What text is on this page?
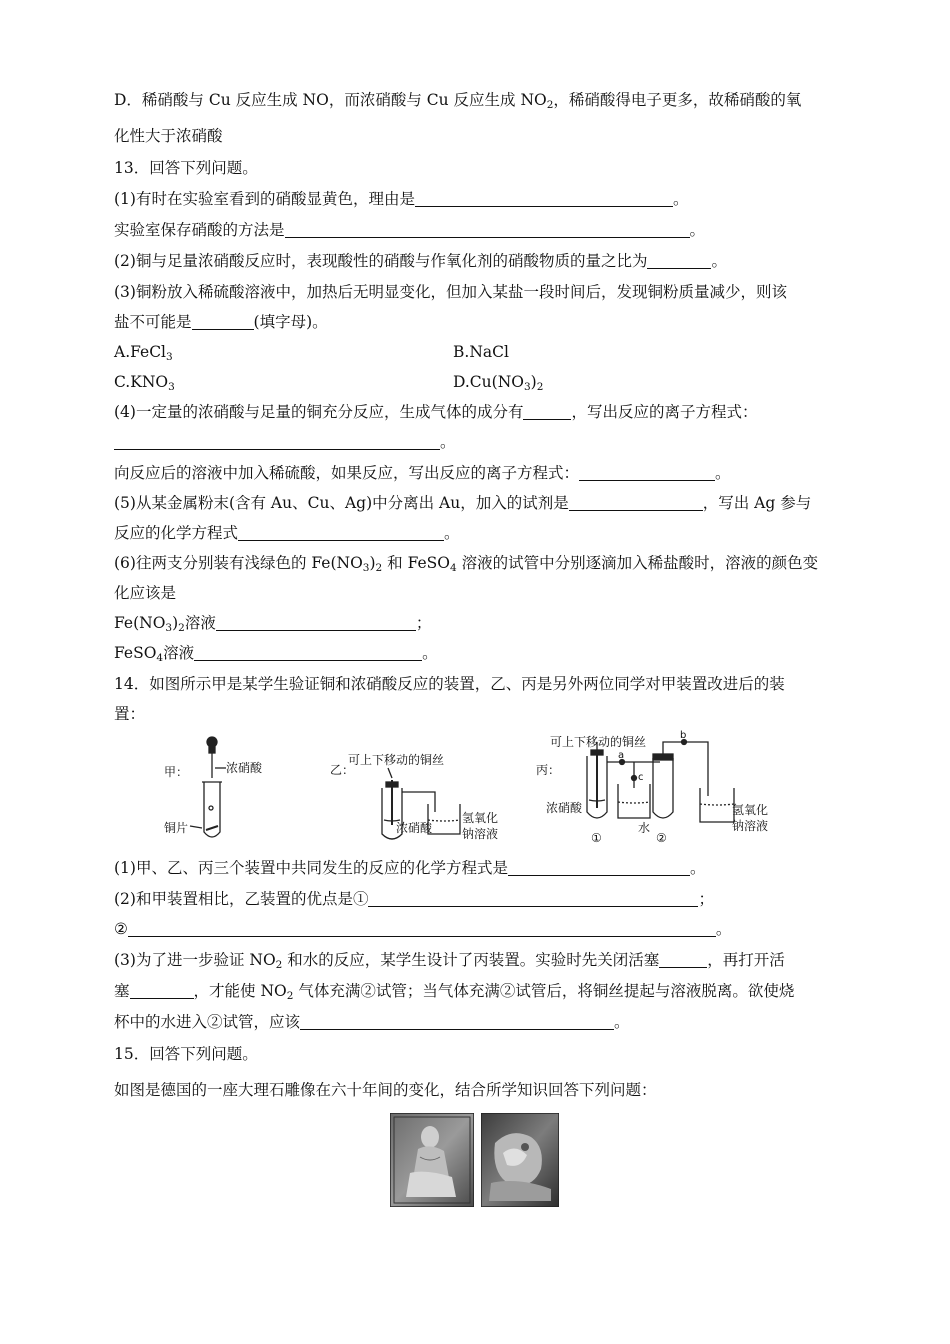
D．稀硝酸与 Cu 反应生成 NO，而浓硝酸与 Cu 反应生成 $NO_2$，稀硝酸得电子更多，故稀硝酸的氧
化性大于浓硝酸
13．回答下列问题。
(1)有时在实验室看到的硝酸显黄色，理由是	。
实验室保存硝酸的方法是	。
(2)铜与足量浓硝酸反应时，表现酸性的硝酸与作氧化剂的硝酸物质的量之比为	。
(3)铜粉放入稀硫酸溶液中，加热后无明显变化，但加入某盐一段时间后，发现铜粉质量减少，则该
盐不可能是	(填字母)。
A.FeCl$_3$	B.NaCl
$C.KNO_3$	$D.Cu(NO_3)_2$
(4)一定量的浓硝酸与足量的铜充分反应，生成气体的成分有	，写出反应的离子方程式：
。
向反应后的溶液中加入稀硫酸，如果反应，写出反应的离子方程式：	。
(5)从某金属粉末(含有 Au、Cu、Ag)中分离出 Au，加入的试剂是	，写出 Ag 参与
反应的化学方程式	。
(6)往两支分别装有浅绿色的 $Fe(NO_3)_2$ 和 FeSO$_4$ 溶液的试管中分别逐滴加入稀盐酸时，溶液的颜色变
化应该是
$Fe(NO_3)_2$溶液	；
FeSO$_4$溶液	。
14．如图所示甲是某学生验证铜和浓硝酸反应的装置，乙、丙是另外两位同学对甲装置改进后的装
置：
甲：	浓硝酸
铜片
乙：
可上下移动的铜丝
浓硝酸
氢氧化
钠溶液
丙：
可上下移动的铜丝
浓硝酸
水
氢氧化
钠溶液
a
b
c
①	②
(1)甲、乙、丙三个装置中共同发生的反应的化学方程式是	。
(2)和甲装置相比，乙装置的优点是①	；
②	。
(3)为了进一步验证 $NO_2$ 和水的反应，某学生设计了丙装置。实验时先关闭活塞	，再打开活
塞	，才能使 $NO_2$ 气体充满②试管；当气体充满②试管后，将铜丝提起与溶液脱离。欲使烧
杯中的水进入②试管，应该	。
15．回答下列问题。
如图是德国的一座大理石雕像在六十年间的变化，结合所学知识回答下列问题：
